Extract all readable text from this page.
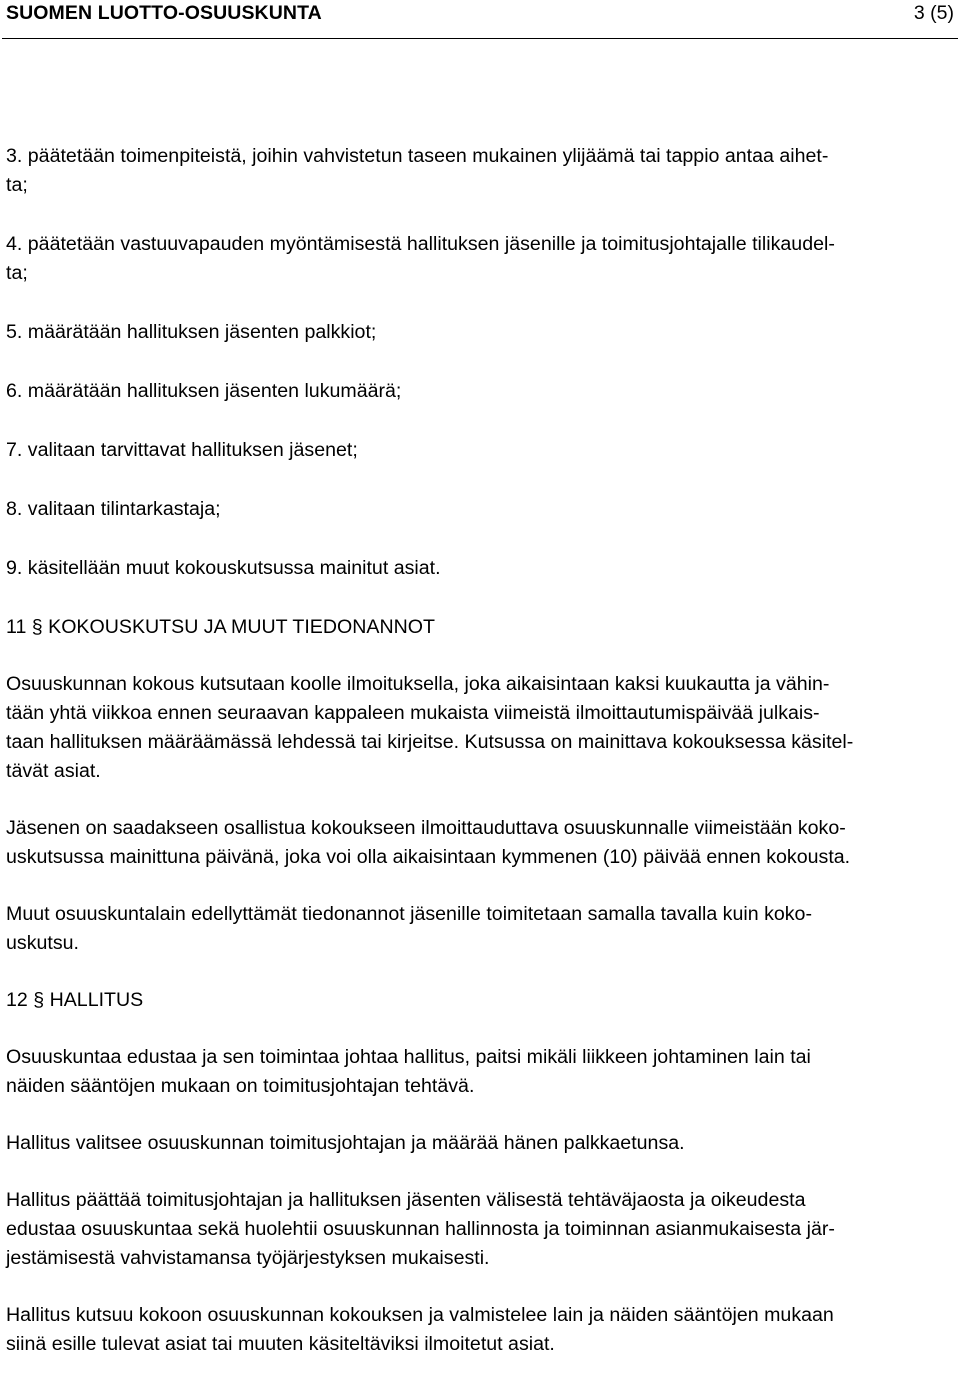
SUOMEN LUOTTO-OSUUSKUNTA	3 (5)
3. päätetään toimenpiteistä, joihin vahvistetun taseen mukainen ylijäämä tai tappio antaa aihet-
ta;
4. päätetään vastuuvapauden myöntämisestä hallituksen jäsenille ja toimitusjohtajalle tilikaudel-
ta;
5. määrätään hallituksen jäsenten palkkiot;
6. määrätään hallituksen jäsenten lukumäärä;
7. valitaan tarvittavat hallituksen jäsenet;
8. valitaan tilintarkastaja;
9. käsitellään muut kokouskutsussa mainitut asiat.
11 § KOKOUSKUTSU JA MUUT TIEDONANNOT
Osuuskunnan kokous kutsutaan koolle ilmoituksella, joka aikaisintaan kaksi kuukautta ja vähin-
tään yhtä viikkoa ennen seuraavan kappaleen mukaista viimeistä ilmoittautumispäivää julkais-
taan hallituksen määräämässä lehdessä tai kirjeitse. Kutsussa on mainittava kokouksessa käsitel-
tävät asiat.
Jäsenen on saadakseen osallistua kokoukseen ilmoittauduttava osuuskunnalle viimeistään koko-
uskutsussa mainittuna päivänä, joka voi olla aikaisintaan kymmenen (10) päivää ennen kokousta.
Muut osuuskuntalain edellyttämät tiedonannot jäsenille toimitetaan samalla tavalla kuin koko-
uskutsu.
12 § HALLITUS
Osuuskuntaa edustaa ja sen toimintaa johtaa hallitus, paitsi mikäli liikkeen johtaminen lain tai
näiden sääntöjen mukaan on toimitusjohtajan tehtävä.
Hallitus valitsee osuuskunnan toimitusjohtajan ja määrää hänen palkkaetunsa.
Hallitus päättää toimitusjohtajan ja hallituksen jäsenten välisestä tehtäväjaosta ja oikeudesta
edustaa osuuskuntaa sekä huolehtii osuuskunnan hallinnosta ja toiminnan asianmukaisesta jär-
jestämisestä vahvistamansa työjärjestyksen mukaisesti.
Hallitus kutsuu kokoon osuuskunnan kokouksen ja valmistelee lain ja näiden sääntöjen mukaan
siinä esille tulevat asiat tai muuten käsiteltäviksi ilmoitetut asiat.
